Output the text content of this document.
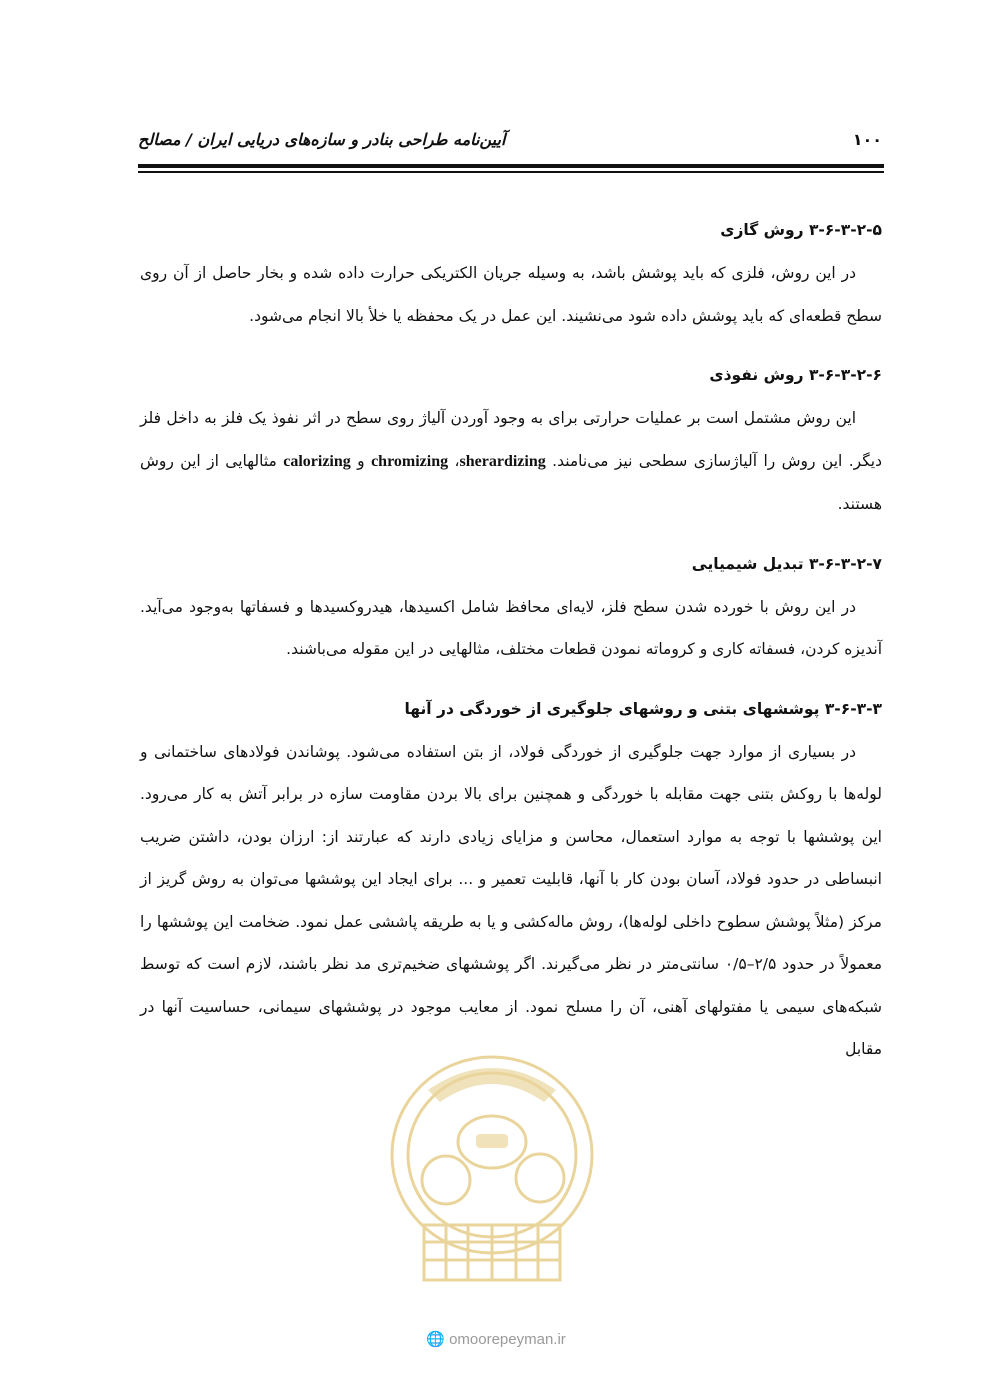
۱۰۰
آیین‌نامه طراحی بنادر و سازه‌های دریایی ایران / مصالح
۳-۶-۳-۲-۵ روش گازی

در این روش، فلزی که باید پوشش باشد، به وسیله جریان الکتریکی حرارت داده شده و بخار حاصل از آن روی سطح قطعه‌ای که باید پوشش داده شود می‌نشیند. این عمل در یک محفظه یا خلأ بالا انجام می‌شود.

۳-۶-۳-۲-۶ روش نفوذی

این روش مشتمل است بر عملیات حرارتی برای به وجود آوردن آلیاژ روی سطح در اثر نفوذ یک فلز به داخل فلز دیگر. این روش را آلیاژسازی سطحی نیز می‌نامند. sherardizing، chromizing و calorizing مثالهایی از این روش هستند.

۳-۶-۳-۲-۷ تبدیل شیمیایی

در این روش با خورده شدن سطح فلز، لایه‌ای محافظ شامل اکسیدها، هیدروکسیدها و فسفاتها به‌وجود می‌آید. آندیزه کردن، فسفاته کاری و کروماته نمودن قطعات مختلف، مثالهایی در این مقوله می‌باشند.

۳-۶-۳-۳ پوششهای بتنی و روشهای جلوگیری از خوردگی در آنها

در بسیاری از موارد جهت جلوگیری از خوردگی فولاد، از بتن استفاده می‌شود. پوشاندن فولادهای ساختمانی و لوله‌ها با روکش بتنی جهت مقابله با خوردگی و همچنین برای بالا بردن مقاومت سازه در برابر آتش به کار می‌رود. این پوششها با توجه به موارد استعمال، محاسن و مزایای زیادی دارند که عبارتند از: ارزان بودن، داشتن ضریب انبساطی در حدود فولاد، آسان بودن کار با آنها، قابلیت تعمیر و ... برای ایجاد این پوششها می‌توان به روش گریز از مرکز (مثلاً پوشش سطوح داخلی لوله‌ها)، روش ماله‌کشی و یا به طریقه پاششی عمل نمود. ضخامت این پوششها را معمولاً در حدود ۲/۵–۰/۵ سانتی‌متر در نظر می‌گیرند. اگر پوششهای ضخیم‌تری مد نظر باشند، لازم است که توسط شبکه‌های سیمی یا مفتولهای آهنی، آن را مسلح نمود. از معایب موجود در پوششهای سیمانی، حساسیت آنها در مقابل

🌐 omoorepeyman.ir
